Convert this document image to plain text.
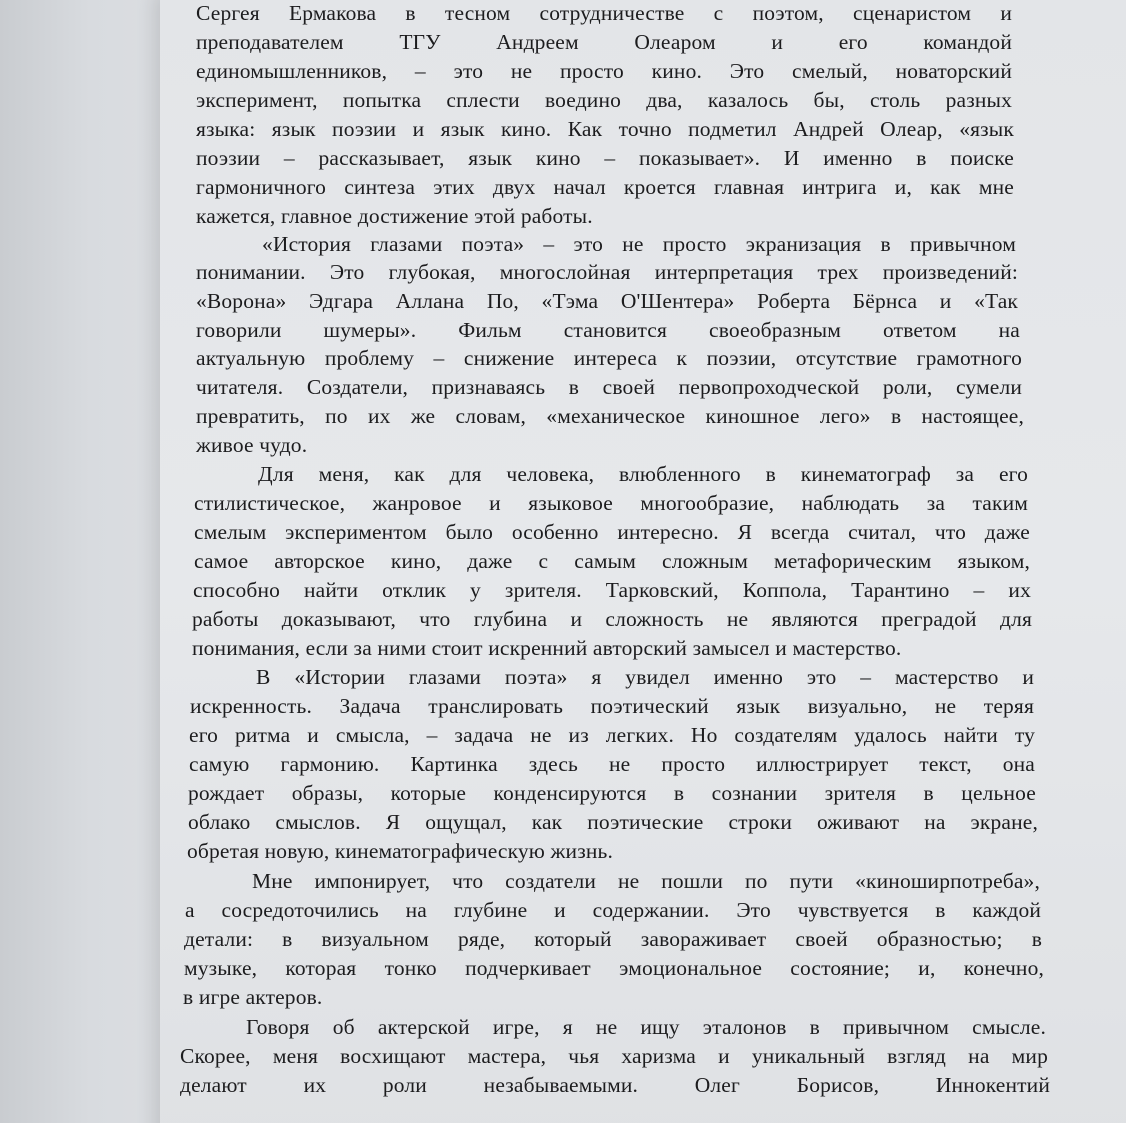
Сергея Ермакова в тесном сотрудничестве с поэтом, сценаристом и
преподавателем ТГУ Андреем Олеаром и его командой
единомышленников, – это не просто кино. Это смелый, новаторский
эксперимент, попытка сплести воедино два, казалось бы, столь разных
языка: язык поэзии и язык кино. Как точно подметил Андрей Олеар, «язык
поэзии – рассказывает, язык кино – показывает». И именно в поиске
гармоничного синтеза этих двух начал кроется главная интрига и, как мне
кажется, главное достижение этой работы.
«История глазами поэта» – это не просто экранизация в привычном
понимании. Это глубокая, многослойная интерпретация трех произведений:
«Ворона» Эдгара Аллана По, «Тэма О'Шентера» Роберта Бёрнса и «Так
говорили шумеры». Фильм становится своеобразным ответом на
актуальную проблему – снижение интереса к поэзии, отсутствие грамотного
читателя. Создатели, признаваясь в своей первопроходческой роли, сумели
превратить, по их же словам, «механическое киношное лего» в настоящее,
живое чудо.
Для меня, как для человека, влюбленного в кинематограф за его
стилистическое, жанровое и языковое многообразие, наблюдать за таким
смелым экспериментом было особенно интересно. Я всегда считал, что даже
самое авторское кино, даже с самым сложным метафорическим языком,
способно найти отклик у зрителя. Тарковский, Коппола, Тарантино – их
работы доказывают, что глубина и сложность не являются преградой для
понимания, если за ними стоит искренний авторский замысел и мастерство.
В «Истории глазами поэта» я увидел именно это – мастерство и
искренность. Задача транслировать поэтический язык визуально, не теряя
его ритма и смысла, – задача не из легких. Но создателям удалось найти ту
самую гармонию. Картинка здесь не просто иллюстрирует текст, она
рождает образы, которые конденсируются в сознании зрителя в цельное
облако смыслов. Я ощущал, как поэтические строки оживают на экране,
обретая новую, кинематографическую жизнь.
Мне импонирует, что создатели не пошли по пути «киноширпотреба»,
а сосредоточились на глубине и содержании. Это чувствуется в каждой
детали: в визуальном ряде, который завораживает своей образностью; в
музыке, которая тонко подчеркивает эмоциональное состояние; и, конечно,
в игре актеров.
Говоря об актерской игре, я не ищу эталонов в привычном смысле.
Скорее, меня восхищают мастера, чья харизма и уникальный взгляд на мир
делают их роли незабываемыми. Олег Борисов, Иннокентий
